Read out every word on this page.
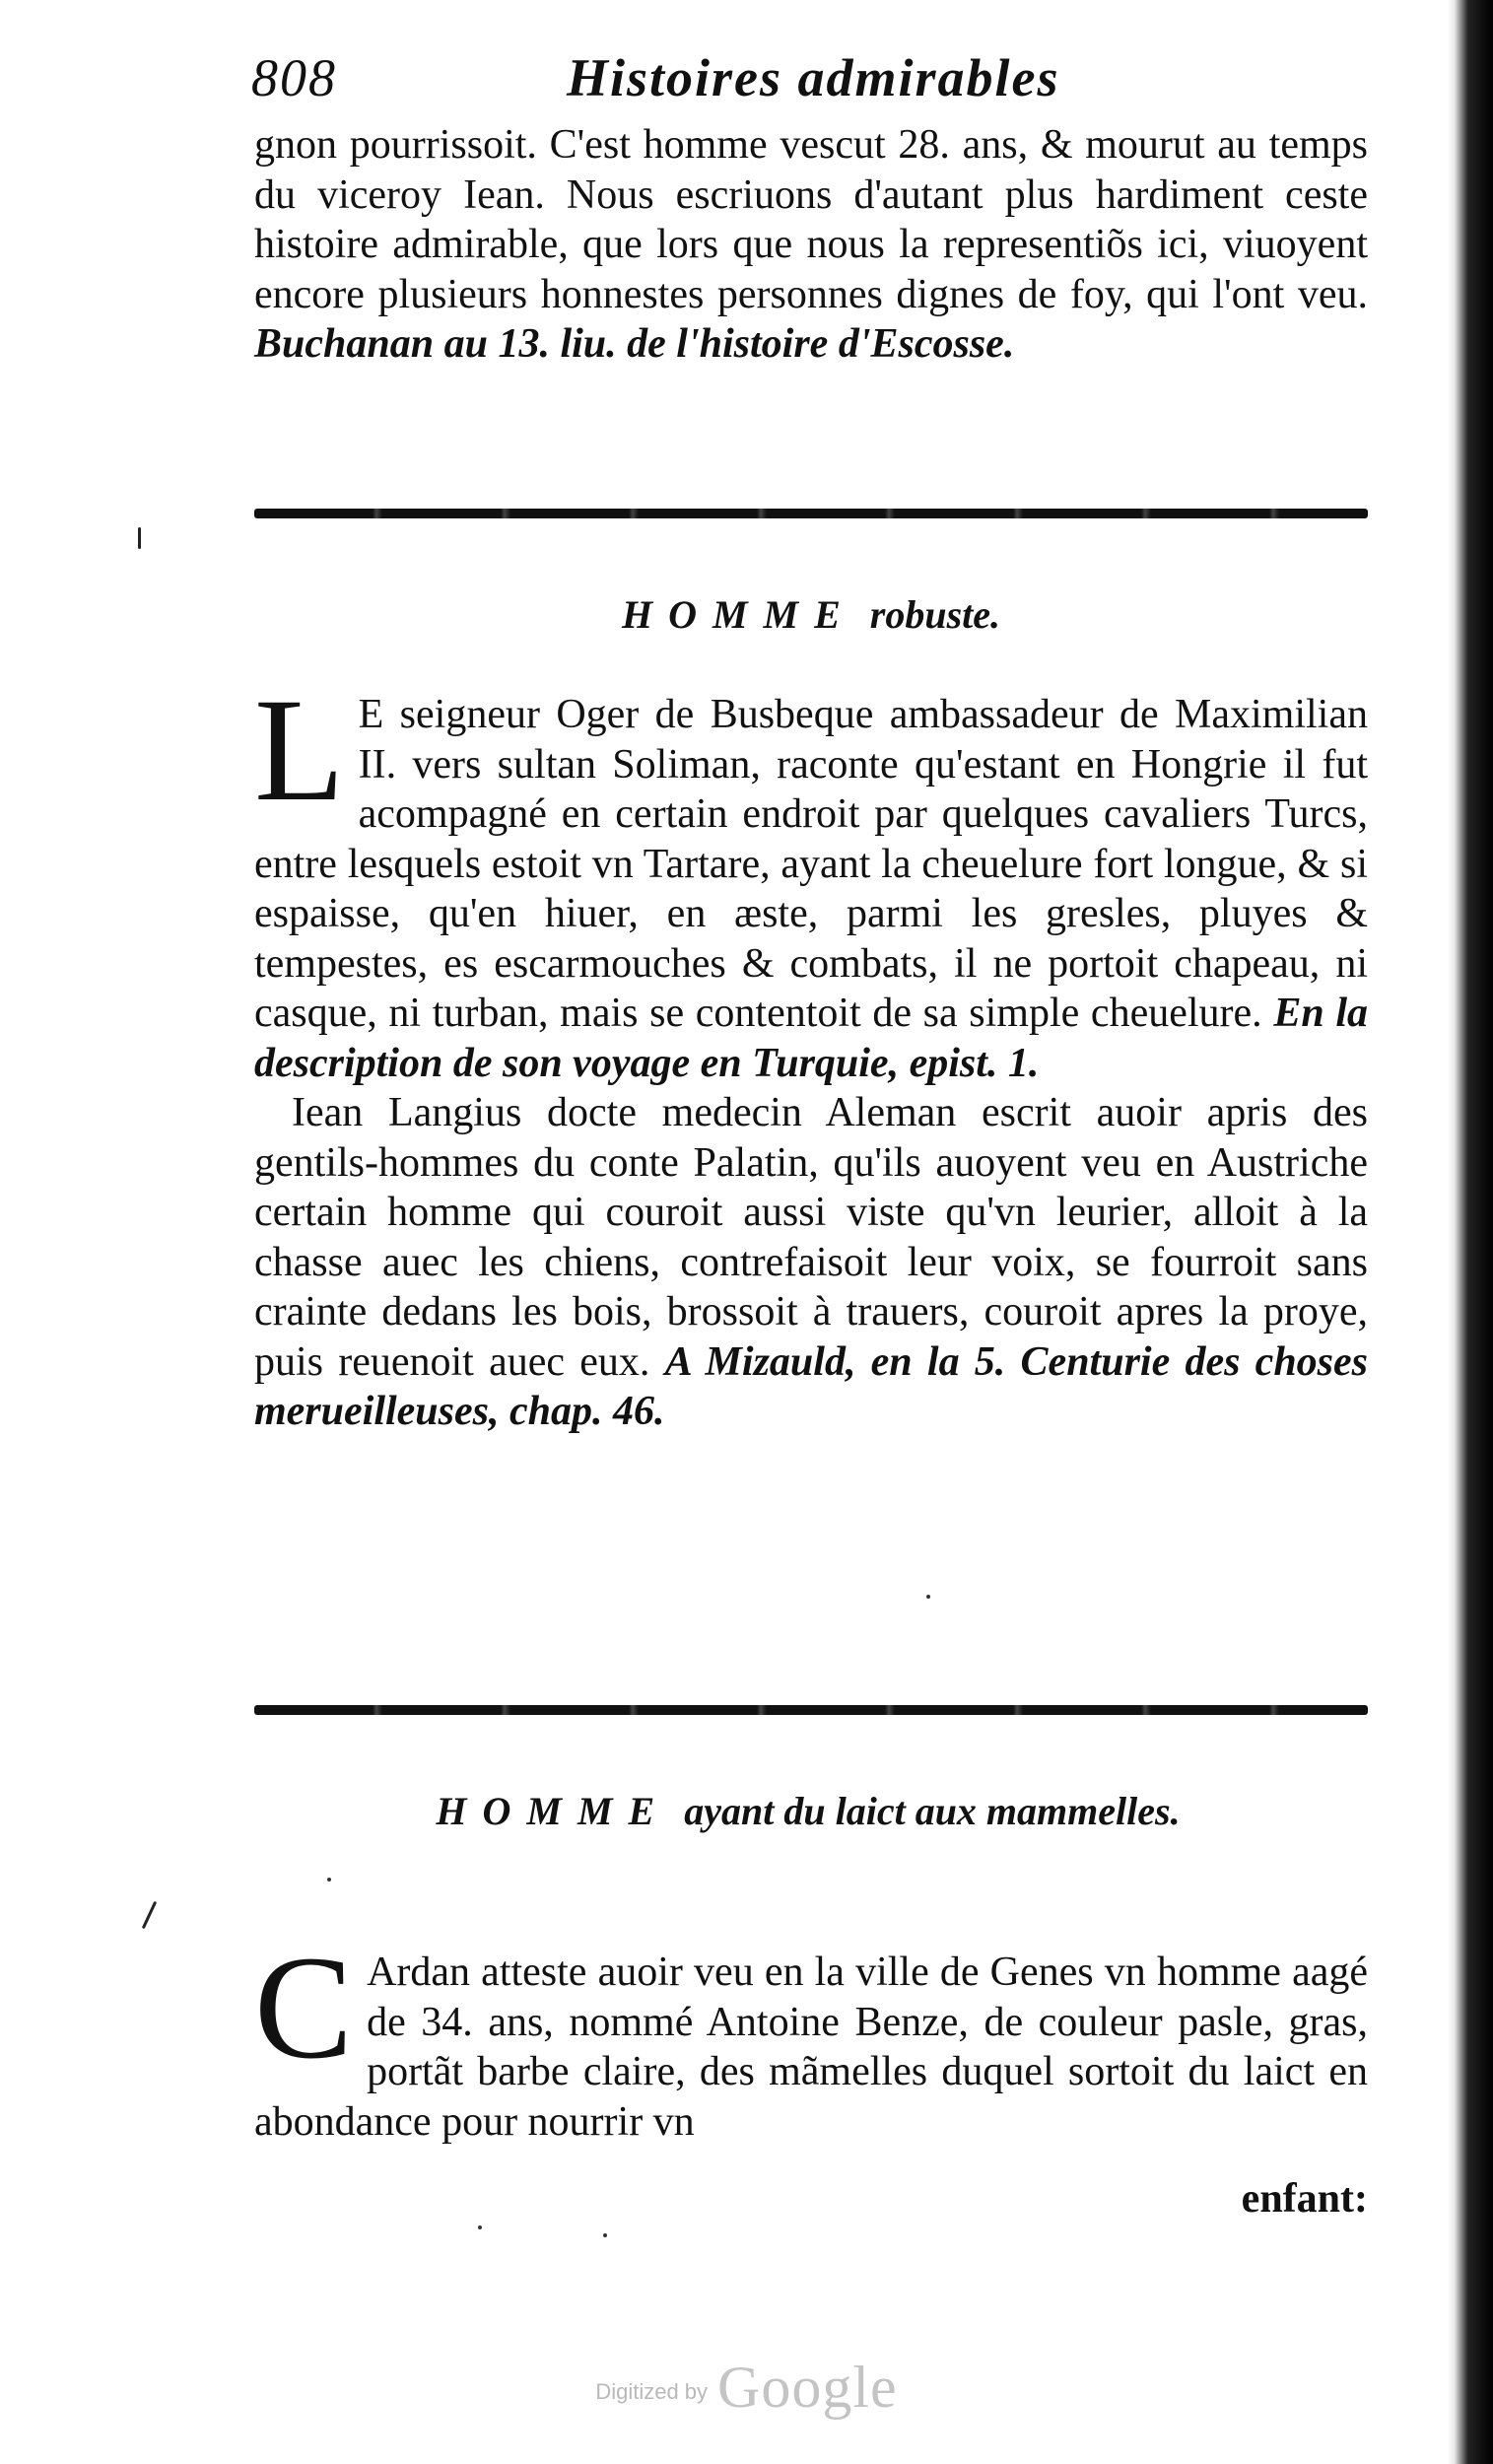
808	Histoires admirables

gnon pourrissoit. C'est homme vescut 28. ans, & mourut au temps du viceroy Iean. Nous escriuons d'autant plus hardiment ceste histoire admirable, que lors que nous la representiõs ici, viuoyent encore plusieurs honnestes personnes dignes de foy, qui l'ont veu. Buchanan au 13. liu. de l'histoire d'Escosse.

HOMME robuste.

L E seigneur Oger de Busbeque ambassadeur de Maximilian II. vers sultan Soliman, raconte qu'estant en Hongrie il fut acompagné en certain endroit par quelques cavaliers Turcs, entre lesquels estoit vn Tartare, ayant la cheuelure fort longue, & si espaisse, qu'en hiuer, en æste, parmi les gresles, pluyes & tempestes, es escarmouches & combats, il ne portoit chapeau, ni casque, ni turban, mais se contentoit de sa simple cheuelure. En la description de son voyage en Turquie, epist. 1.

Iean Langius docte medecin Aleman escrit auoir apris des gentils-hommes du conte Palatin, qu'ils auoyent veu en Austriche certain homme qui couroit aussi viste qu'vn leurier, alloit à la chasse auec les chiens, contrefaisoit leur voix, se fourroit sans crainte dedans les bois, brossoit à trauers, couroit apres la proye, puis reuenoit auec eux. A Mizauld, en la 5. Centurie des choses merueilleuses, chap. 46.

HOMME ayant du laict aux mammelles.

C Ardan atteste auoir veu en la ville de Genes vn homme aagé de 34. ans, nommé Antoine Benze, de couleur pasle, gras, portãt barbe claire, des mãmelles duquel sortoit du laict en abondance pour nourrir vn

enfant:
Digitized by Google
